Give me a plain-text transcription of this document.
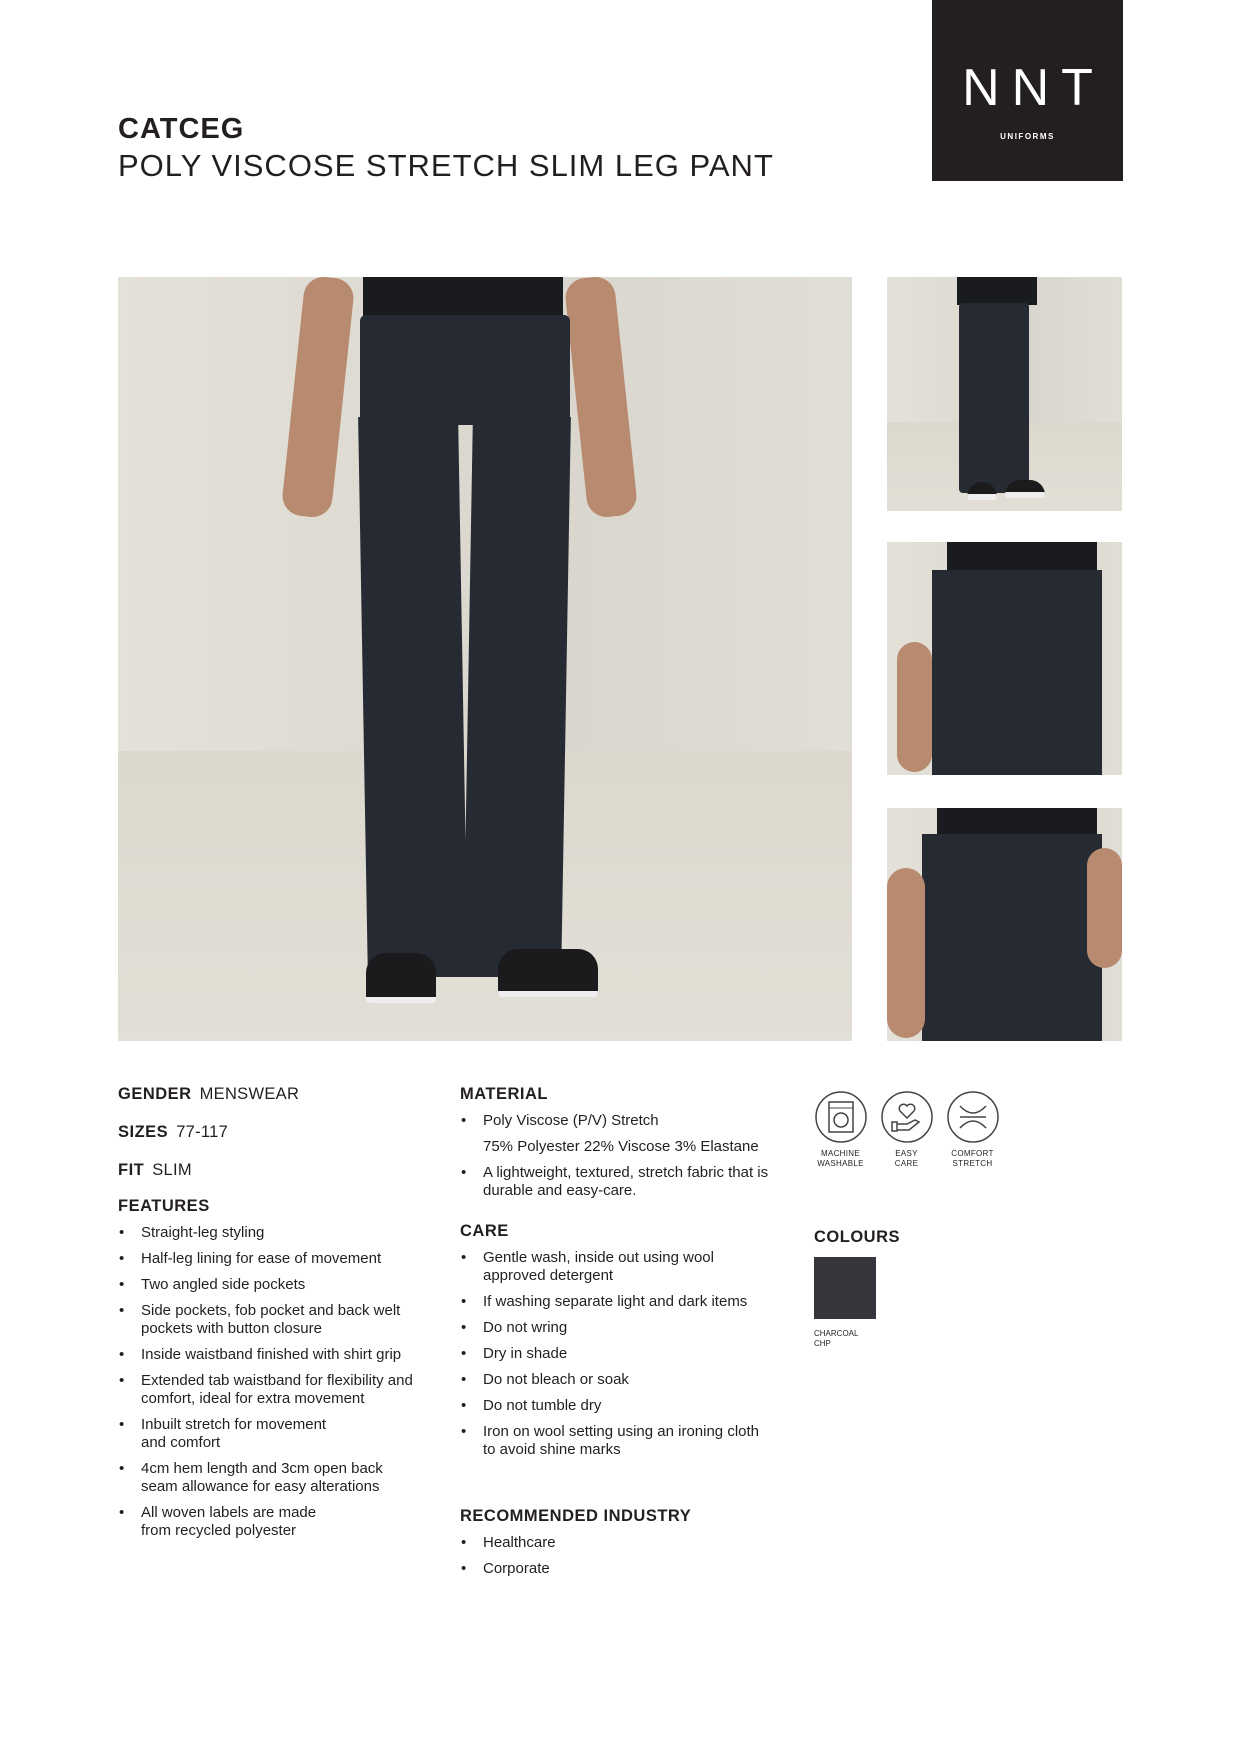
NNT
UNIFORMS
CATCEG
POLY VISCOSE STRETCH SLIM LEG PANT
GENDER MENSWEAR
SIZES 77-117
FIT SLIM
FEATURES
• Straight-leg styling
• Half-leg lining for ease of movement
• Two angled side pockets
• Side pockets, fob pocket and back welt pockets with button closure
• Inside waistband finished with shirt grip
• Extended tab waistband for flexibility and comfort, ideal for extra movement
• Inbuilt stretch for movement and comfort
• 4cm hem length and 3cm open back seam allowance for easy alterations
• All woven labels are made from recycled polyester
MATERIAL
• Poly Viscose (P/V) Stretch
75% Polyester 22% Viscose 3% Elastane
• A lightweight, textured, stretch fabric that is durable and easy-care.
CARE
• Gentle wash, inside out using wool approved detergent
• If washing separate light and dark items
• Do not wring
• Dry in shade
• Do not bleach or soak
• Do not tumble dry
• Iron on wool setting using an ironing cloth to avoid shine marks
RECOMMENDED INDUSTRY
• Healthcare
• Corporate
MACHINE
WASHABLE
EASY
CARE
COMFORT
STRETCH
COLOURS
CHARCOAL
CHP
